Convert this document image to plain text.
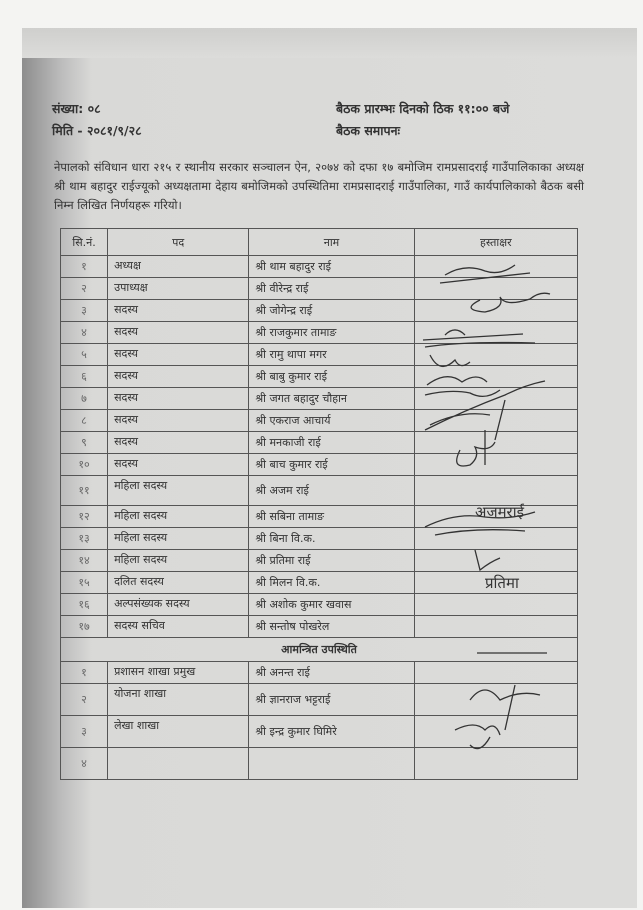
संख्या: ०८
मिति - २०८१/९/२८
बैठक प्रारम्भः दिनको ठिक ११:०० बजे
बैठक समापनः
नेपालको संविधान धारा २१५ र स्थानीय सरकार सञ्चालन ऐन, २०७४ को दफा १७ बमोजिम रामप्रसादराई गाउँपालिकाका अध्यक्ष श्री थाम बहादुर राईज्यूको अध्यक्षतामा देहाय बमोजिमको उपस्थितिमा रामप्रसादराई गाउँपालिका, गाउँ कार्यपालिकाको बैठक बसी निम्न लिखित निर्णयहरू गरियो।
सि.नं.	पद	नाम	हस्ताक्षर
१	अध्यक्ष	श्री थाम बहादुर राई	
२	उपाध्यक्ष	श्री वीरेन्द्र राई	
३	सदस्य	श्री जोगेन्द्र राई	
४	सदस्य	श्री राजकुमार तामाङ	
५	सदस्य	श्री रामु थापा मगर	
६	सदस्य	श्री बाबु कुमार राई	
७	सदस्य	श्री जगत बहादुर चौहान	
८	सदस्य	श्री एकराज आचार्य	
९	सदस्य	श्री मनकाजी राई	
१०	सदस्य	श्री बाच कुमार राई	
११	महिला सदस्य	श्री अजम राई	
१२	महिला सदस्य	श्री सबिना तामाङ	
१३	महिला सदस्य	श्री बिना वि.क.	
१४	महिला सदस्य	श्री प्रतिमा राई	
१५	दलित सदस्य	श्री मिलन वि.क.	
१६	अल्पसंख्यक सदस्य	श्री अशोक कुमार खवास	
१७	सदस्य सचिव	श्री सन्तोष पोखरेल	
आमन्त्रित उपस्थिति			
१	प्रशासन शाखा प्रमुख	श्री अनन्त राई	
२	योजना शाखा	श्री ज्ञानराज भट्टराई	
३	लेखा शाखा	श्री इन्द्र कुमार घिमिरे	
४			
अजमराई
प्रतिमा
